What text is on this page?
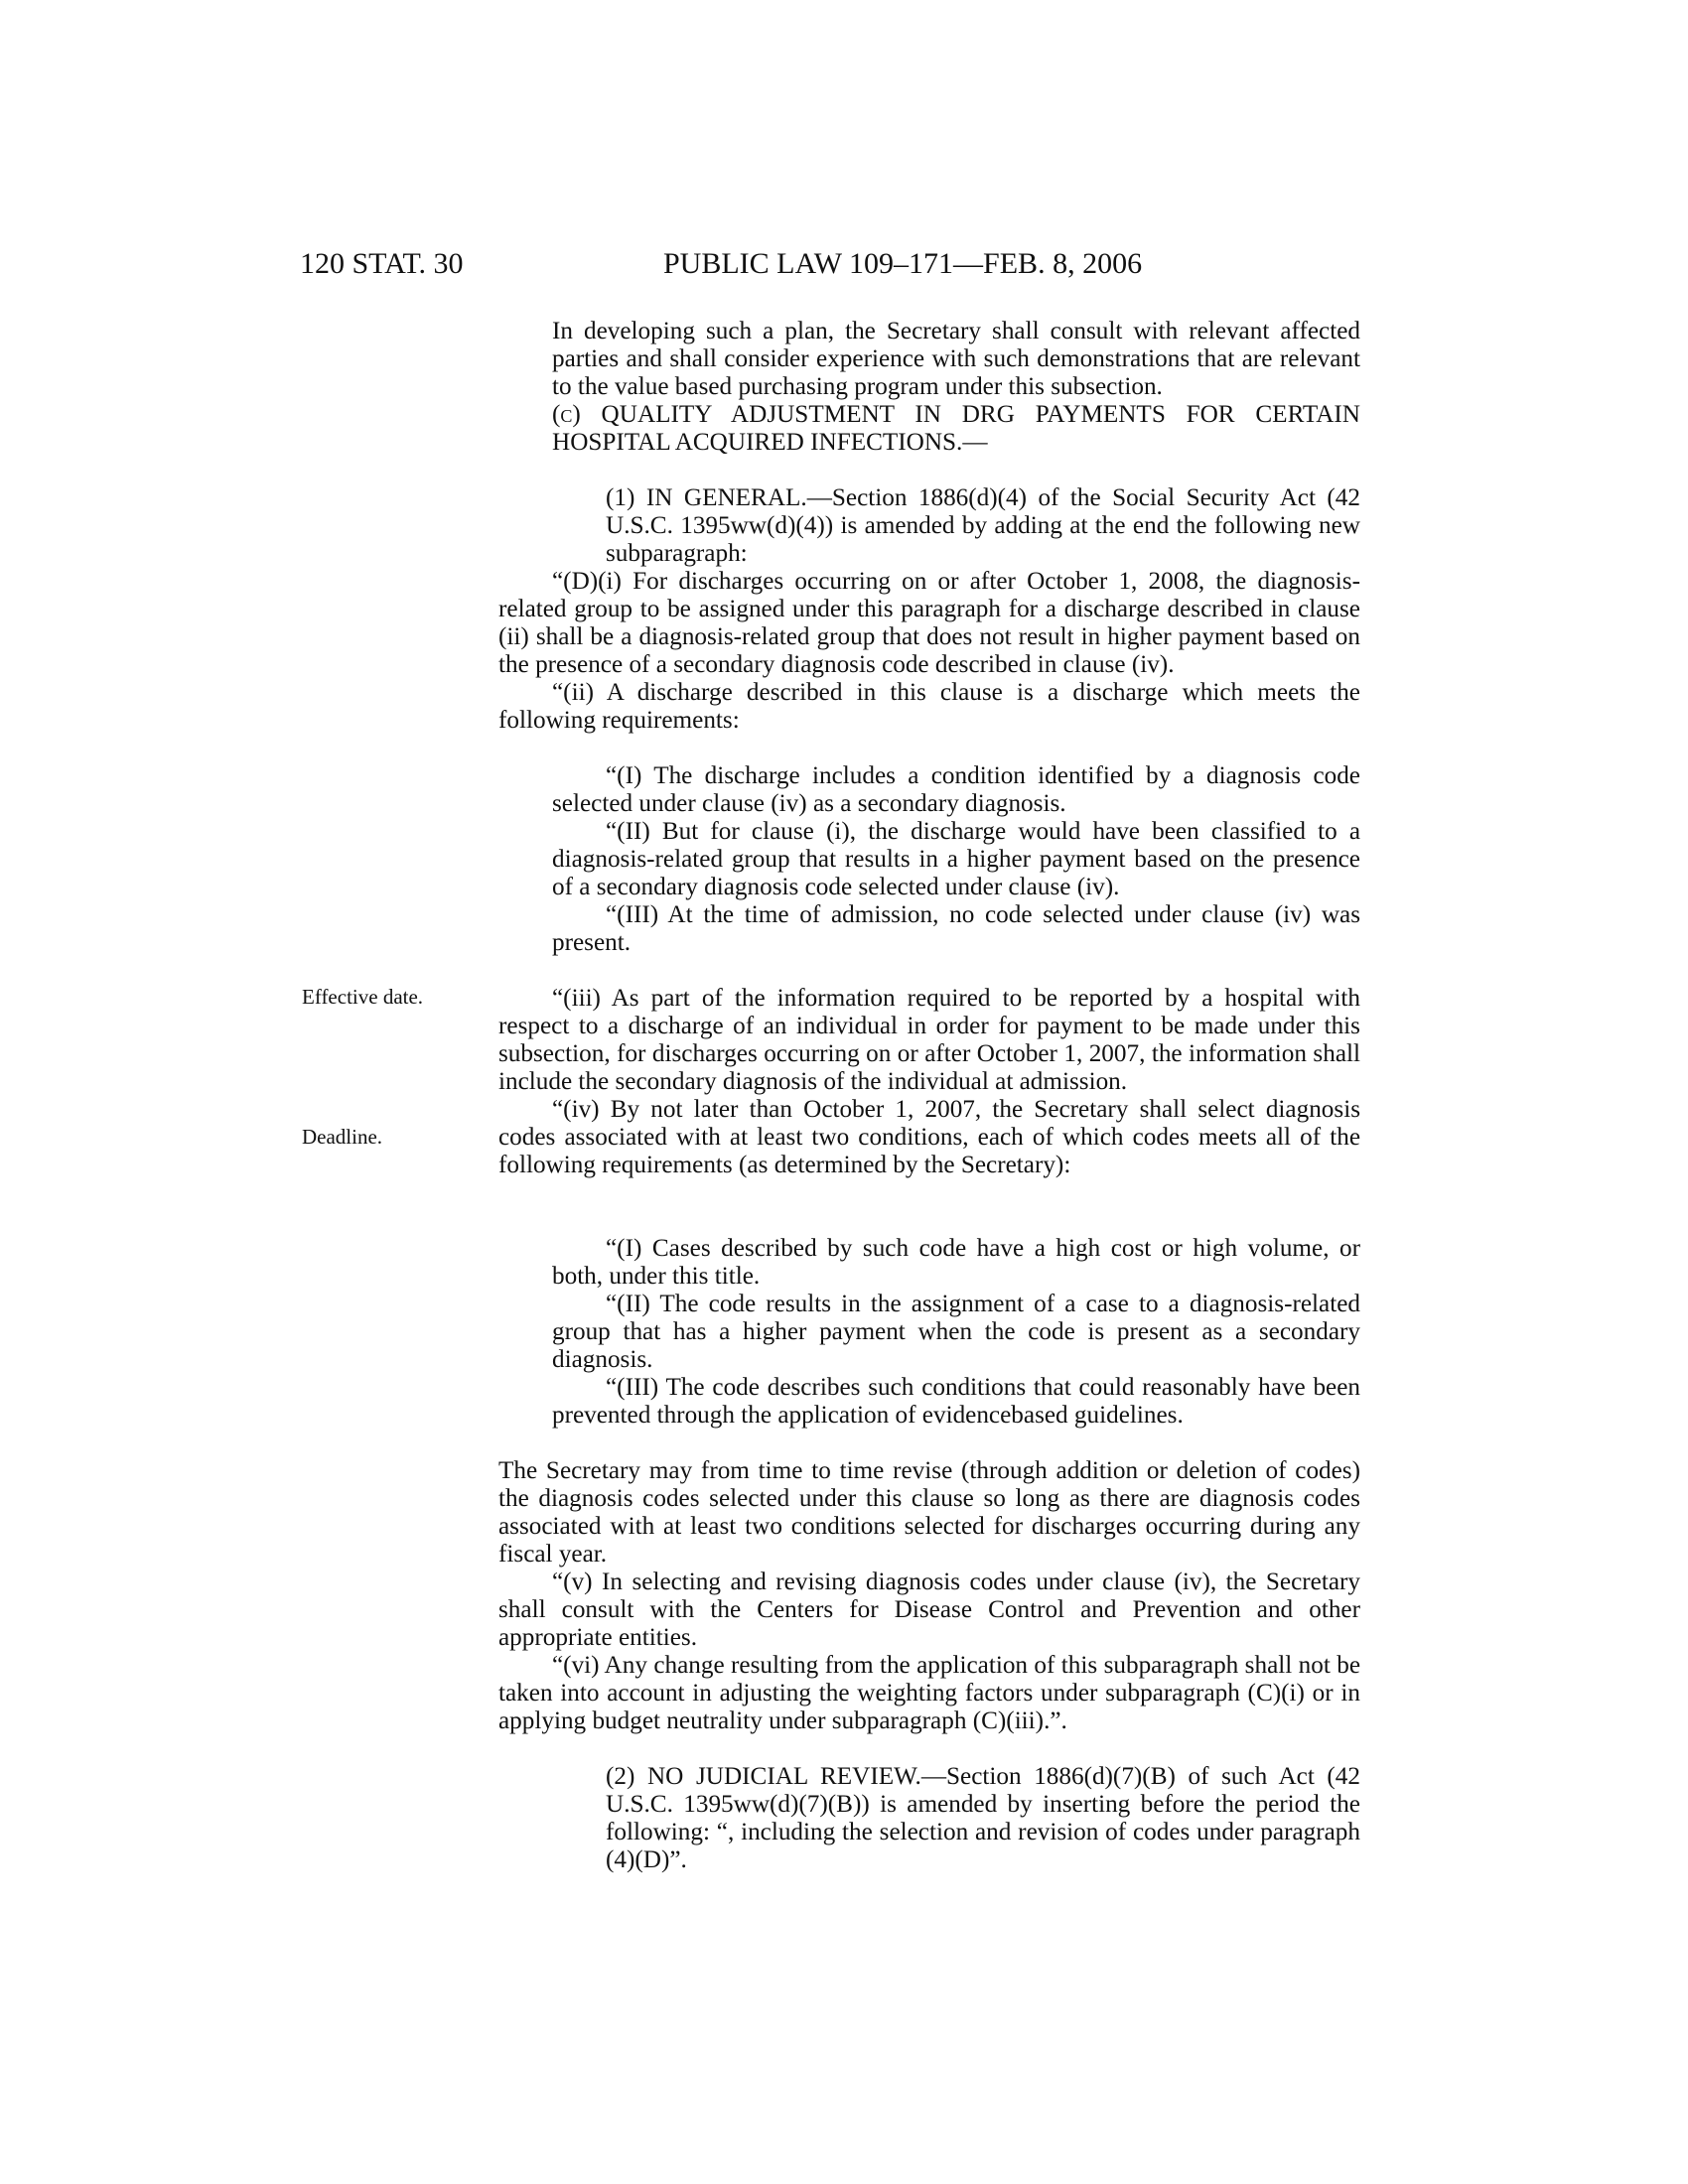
120 STAT. 30	PUBLIC LAW 109–171—FEB. 8, 2006
Effective date.
Deadline.

In developing such a plan, the Secretary shall consult with relevant affected parties and shall consider experience with such demonstrations that are relevant to the value based purchasing program under this subsection.

(c) QUALITY ADJUSTMENT IN DRG PAYMENTS FOR CERTAIN HOSPITAL ACQUIRED INFECTIONS.—

(1) IN GENERAL.—Section 1886(d)(4) of the Social Security Act (42 U.S.C. 1395ww(d)(4)) is amended by adding at the end the following new subparagraph:

“(D)(i) For discharges occurring on or after October 1, 2008, the diagnosis-related group to be assigned under this paragraph for a discharge described in clause (ii) shall be a diagnosis-related group that does not result in higher payment based on the presence of a secondary diagnosis code described in clause (iv).

“(ii) A discharge described in this clause is a discharge which meets the following requirements:

“(I) The discharge includes a condition identified by a diagnosis code selected under clause (iv) as a secondary diagnosis.

“(II) But for clause (i), the discharge would have been classified to a diagnosis-related group that results in a higher payment based on the presence of a secondary diagnosis code selected under clause (iv).

“(III) At the time of admission, no code selected under clause (iv) was present.

“(iii) As part of the information required to be reported by a hospital with respect to a discharge of an individual in order for payment to be made under this subsection, for discharges occurring on or after October 1, 2007, the information shall include the secondary diagnosis of the individual at admission.

“(iv) By not later than October 1, 2007, the Secretary shall select diagnosis codes associated with at least two conditions, each of which codes meets all of the following requirements (as determined by the Secretary):

“(I) Cases described by such code have a high cost or high volume, or both, under this title.

“(II) The code results in the assignment of a case to a diagnosis-related group that has a higher payment when the code is present as a secondary diagnosis.

“(III) The code describes such conditions that could reasonably have been prevented through the application of evidencebased guidelines.

The Secretary may from time to time revise (through addition or deletion of codes) the diagnosis codes selected under this clause so long as there are diagnosis codes associated with at least two conditions selected for discharges occurring during any fiscal year.

“(v) In selecting and revising diagnosis codes under clause (iv), the Secretary shall consult with the Centers for Disease Control and Prevention and other appropriate entities.

“(vi) Any change resulting from the application of this subparagraph shall not be taken into account in adjusting the weighting factors under subparagraph (C)(i) or in applying budget neutrality under subparagraph (C)(iii).”.

(2) NO JUDICIAL REVIEW.—Section 1886(d)(7)(B) of such Act (42 U.S.C. 1395ww(d)(7)(B)) is amended by inserting before the period the following: “, including the selection and revision of codes under paragraph (4)(D)”.
